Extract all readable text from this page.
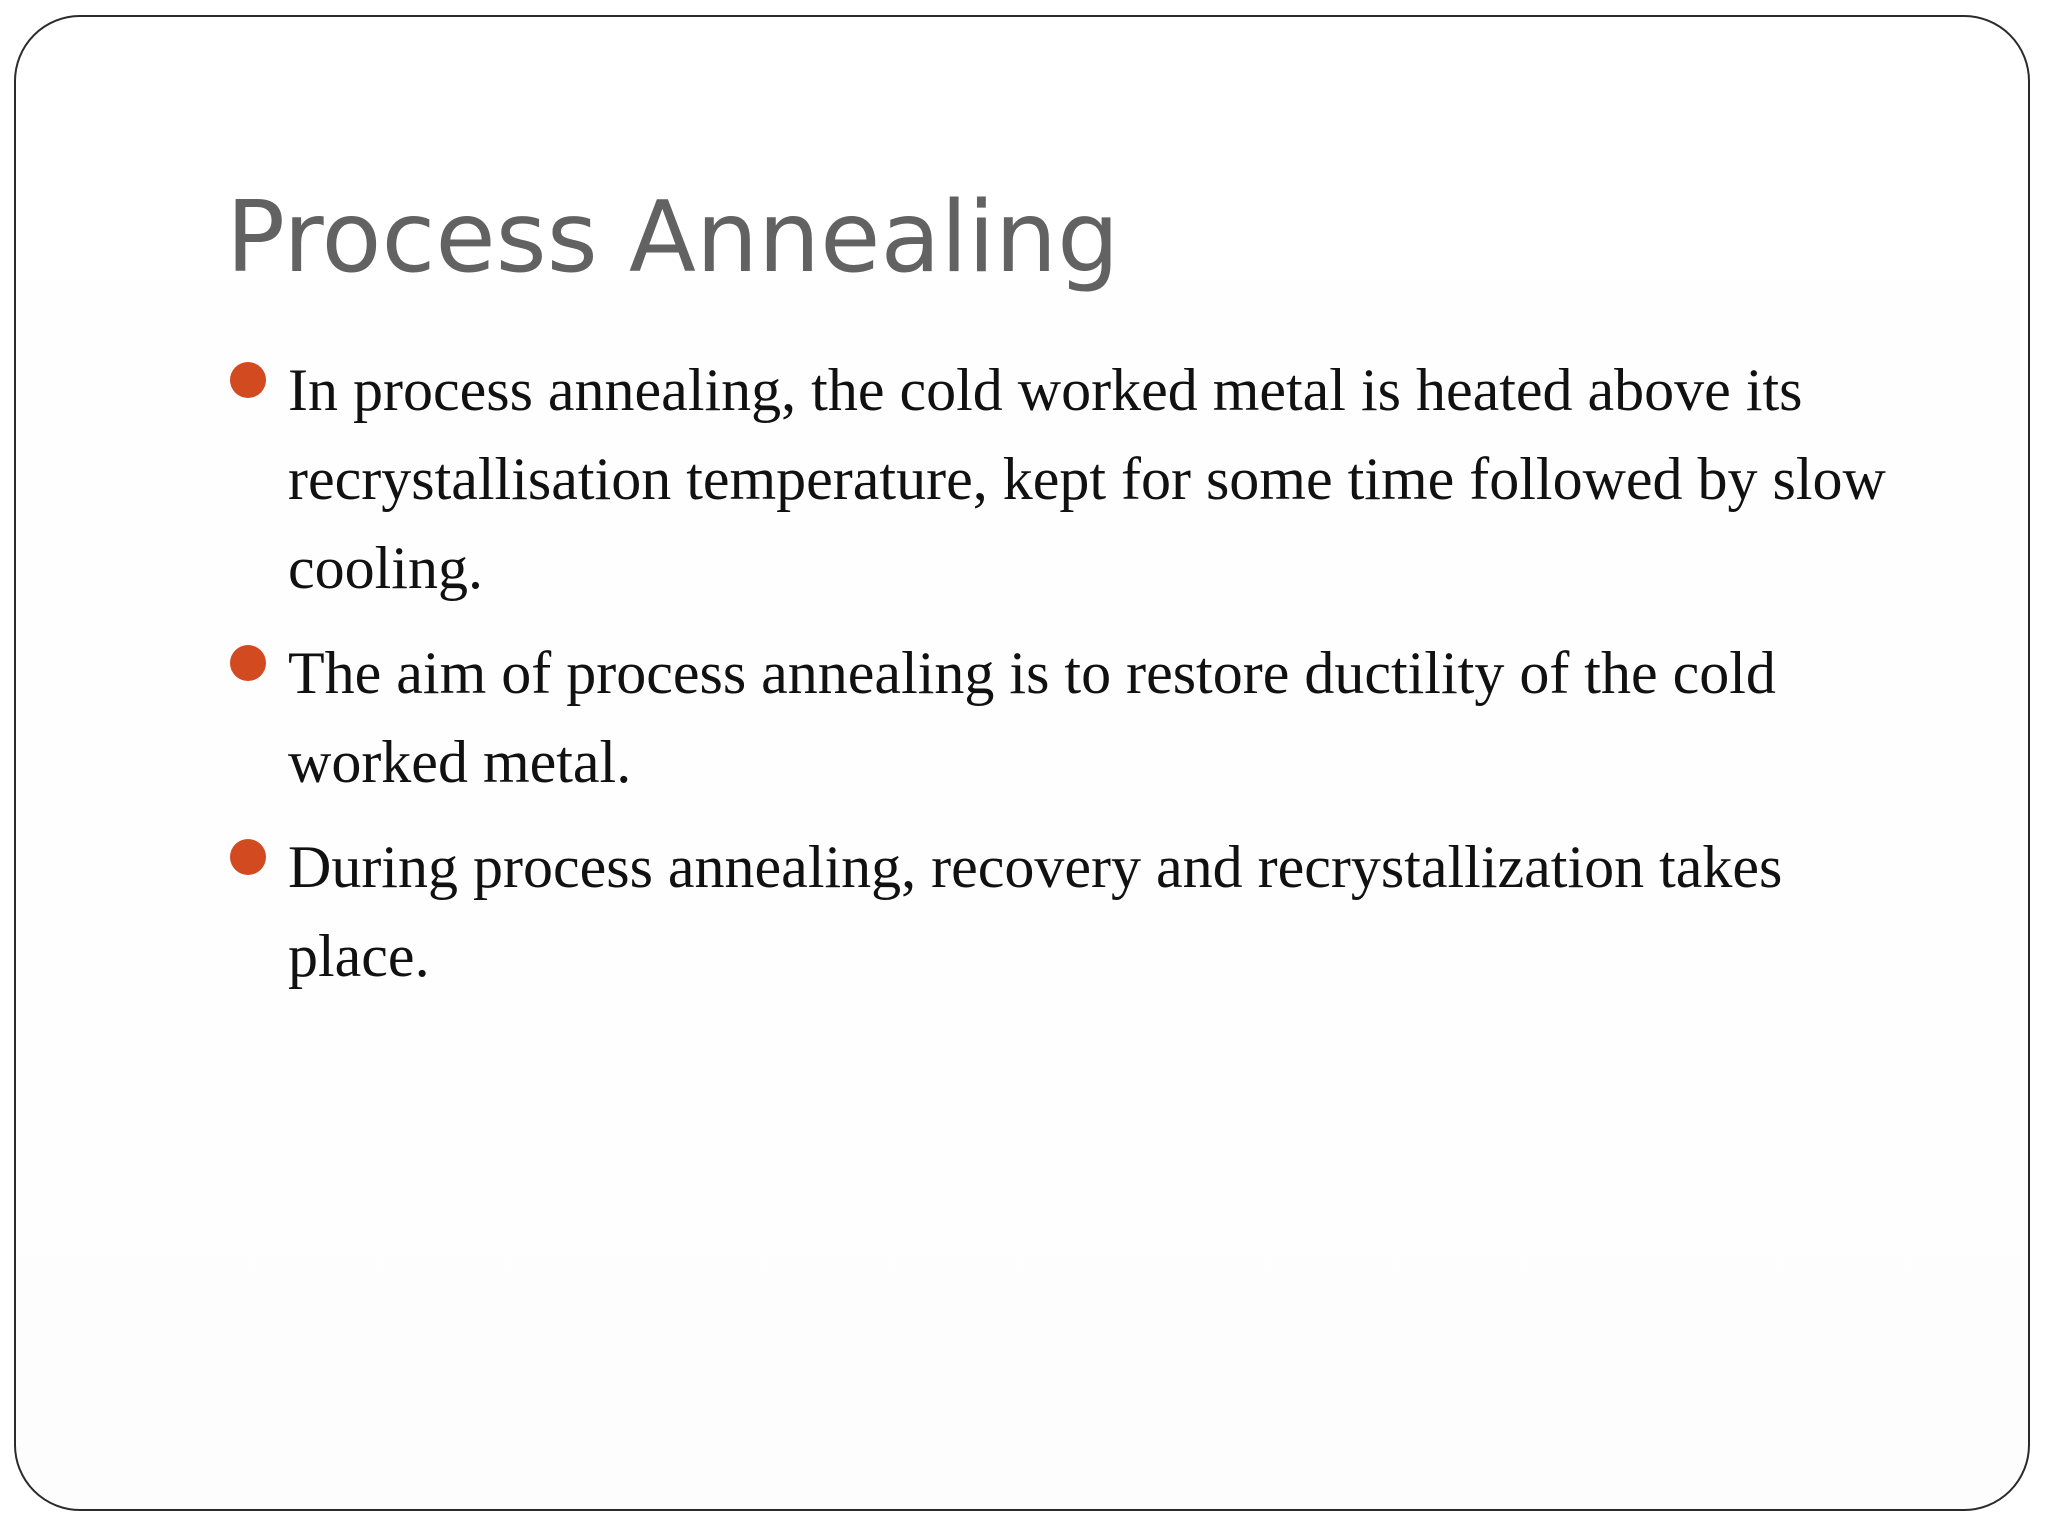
Process Annealing
In process annealing, the cold worked metal is heated above its recrystallisation temperature, kept for some time followed by slow cooling.
The aim of process annealing is to restore ductility of the cold worked metal.
During process annealing, recovery and recrystallization takes place.
